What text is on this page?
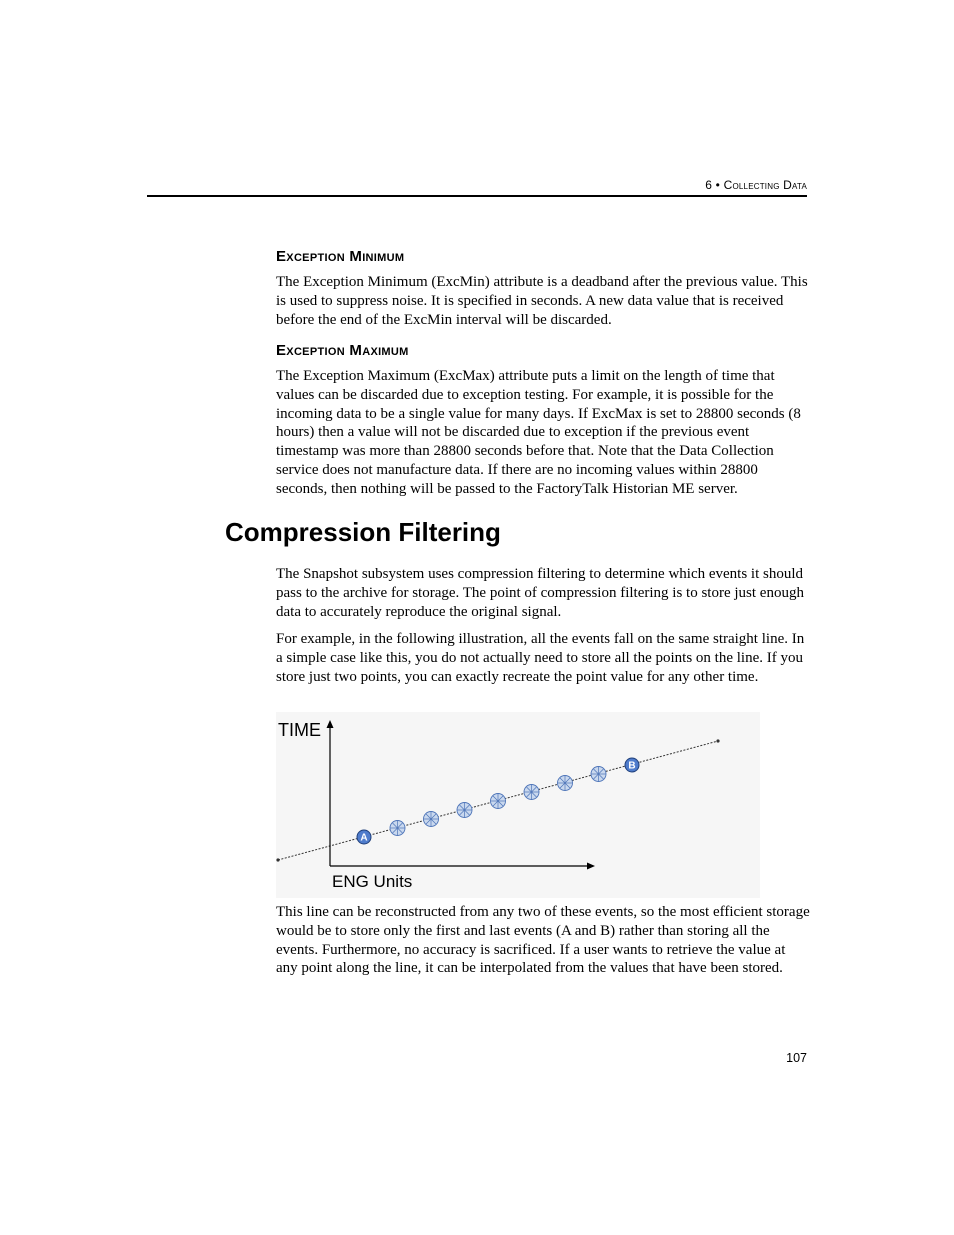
6 • Collecting Data
Exception Minimum

The Exception Minimum (ExcMin) attribute is a deadband after the previous value. This is used to suppress noise. It is specified in seconds. A new data value that is received before the end of the ExcMin interval will be discarded.

Exception Maximum

The Exception Maximum (ExcMax) attribute puts a limit on the length of time that values can be discarded due to exception testing. For example, it is possible for the incoming data to be a single value for many days. If ExcMax is set to 28800 seconds (8 hours) then a value will not be discarded due to exception if the previous event timestamp was more than 28800 seconds before that. Note that the Data Collection service does not manufacture data. If there are no incoming values within 28800 seconds, then nothing will be passed to the FactoryTalk Historian ME server.

Compression Filtering

The Snapshot subsystem uses compression filtering to determine which events it should pass to the archive for storage. The point of compression filtering is to store just enough data to accurately reproduce the original signal.

For example, in the following illustration, all the events fall on the same straight line. In a simple case like this, you do not actually need to store all the points on the line. If you store just two points, you can exactly recreate the point value for any other time.

A
B
TIME
ENG Units

This line can be reconstructed from any two of these events, so the most efficient storage would be to store only the first and last events (A and B) rather than storing all the events. Furthermore, no accuracy is sacrificed. If a user wants to retrieve the value at any point along the line, it can be interpolated from the values that have been stored.

107
